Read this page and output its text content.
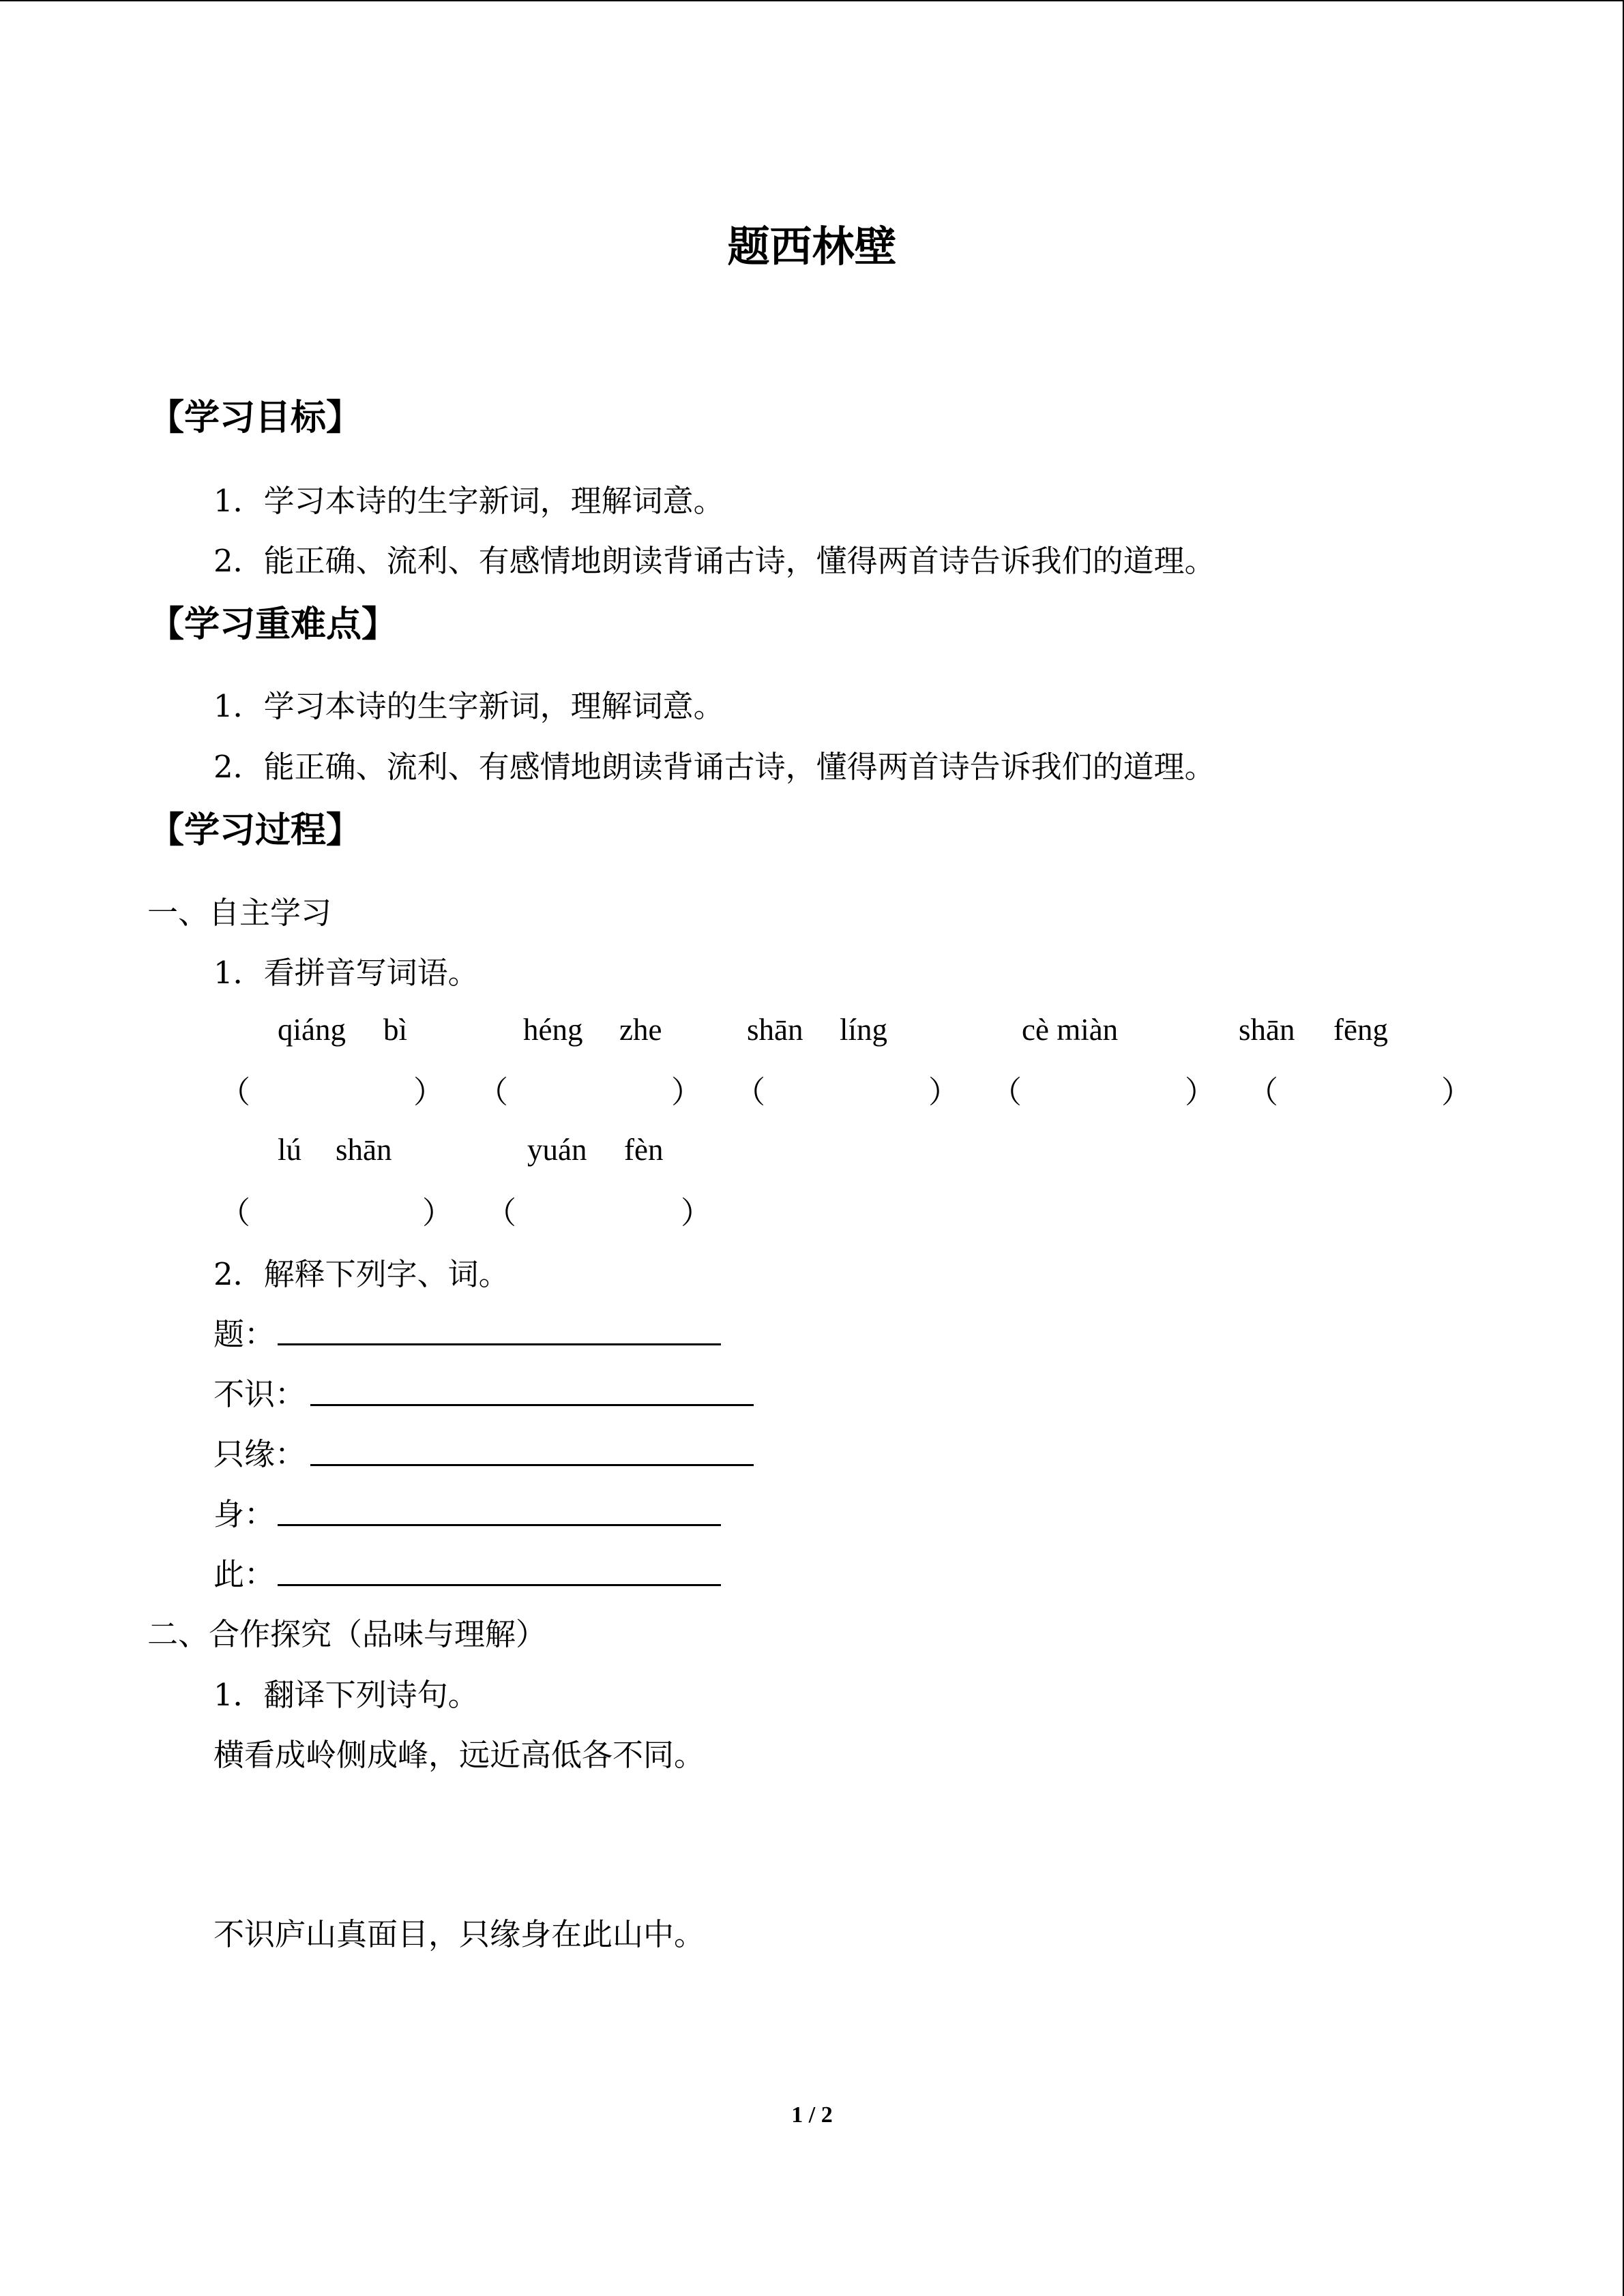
题西林壁
【学习目标】
1．学习本诗的生字新词，理解词意。
2．能正确、流利、有感情地朗读背诵古诗，懂得两首诗告诉我们的道理。
【学习重难点】
1．学习本诗的生字新词，理解词意。
2．能正确、流利、有感情地朗读背诵古诗，懂得两首诗告诉我们的道理。
【学习过程】
一、自主学习
1．看拼音写词语。
qiáng bì	héng zhe	shān líng	cè miàn	shān fēng
（	） （	） （	） （	） （	）
lú shān	yuán fèn
（	） （	）
2．解释下列字、词。
题：
不识：
只缘：
身：
此：
二、合作探究（品味与理解）
1．翻译下列诗句。
横看成岭侧成峰，远近高低各不同。
不识庐山真面目，只缘身在此山中。
1 / 2
